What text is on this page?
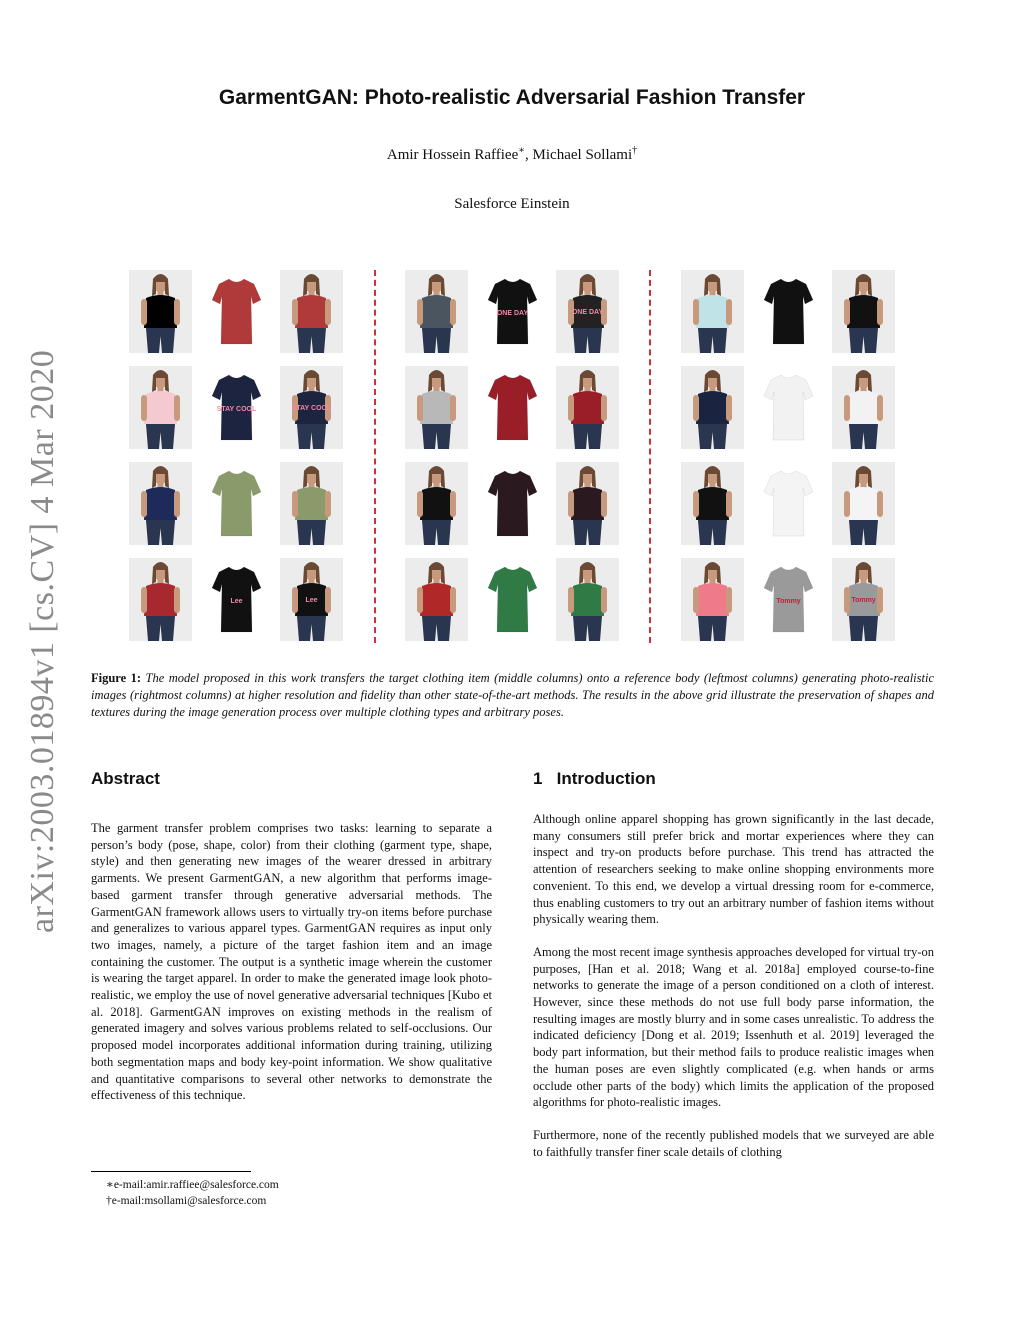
arXiv:2003.01894v1 [cs.CV] 4 Mar 2020
GarmentGAN: Photo-realistic Adversarial Fashion Transfer
Amir Hossein Raffiee∗, Michael Sollami†
Salesforce Einstein
STAY COOL	STAY COOL
Lee	Lee
ONE DAY	ONE DAY
Tommy	Tommy
Figure 1: The model proposed in this work transfers the target clothing item (middle columns) onto a reference body (leftmost columns) generating photo-realistic images (rightmost columns) at higher resolution and fidelity than other state-of-the-art methods. The results in the above grid illustrate the preservation of shapes and textures during the image generation process over multiple clothing types and arbitrary poses.
Abstract

The garment transfer problem comprises two tasks: learning to separate a person’s body (pose, shape, color) from their clothing (garment type, shape, style) and then generating new images of the wearer dressed in arbitrary garments. We present GarmentGAN, a new algorithm that performs image-based garment transfer through generative adversarial methods. The GarmentGAN framework allows users to virtually try-on items before purchase and generalizes to various apparel types. GarmentGAN requires as input only two images, namely, a picture of the target fashion item and an image containing the customer. The output is a synthetic image wherein the customer is wearing the target apparel. In order to make the generated image look photo-realistic, we employ the use of novel generative adversarial techniques [Kubo et al. 2018]. GarmentGAN improves on existing methods in the realism of generated imagery and solves various problems related to self-occlusions. Our proposed model incorporates additional information during training, utilizing both segmentation maps and body key-point information. We show qualitative and quantitative comparisons to several other networks to demonstrate the effectiveness of this technique.

1 Introduction

Although online apparel shopping has grown significantly in the last decade, many consumers still prefer brick and mortar experiences where they can inspect and try-on products before purchase. This trend has attracted the attention of researchers seeking to make online shopping environments more convenient. To this end, we develop a virtual dressing room for e-commerce, thus enabling customers to try out an arbitrary number of fashion items without physically wearing them.

Among the most recent image synthesis approaches developed for virtual try-on purposes, [Han et al. 2018; Wang et al. 2018a] employed course-to-fine networks to generate the image of a person conditioned on a cloth of interest. However, since these methods do not use full body parse information, the resulting images are mostly blurry and in some cases unrealistic. To address the indicated deficiency [Dong et al. 2019; Issenhuth et al. 2019] leveraged the body part information, but their method fails to produce realistic images when the human poses are even slightly complicated (e.g. when hands or arms occlude other parts of the body) which limits the application of the proposed algorithms for photo-realistic images.

Furthermore, none of the recently published models that we surveyed are able to faithfully transfer finer scale details of clothing

∗e-mail:amir.raffiee@salesforce.com
†e-mail:msollami@salesforce.com
